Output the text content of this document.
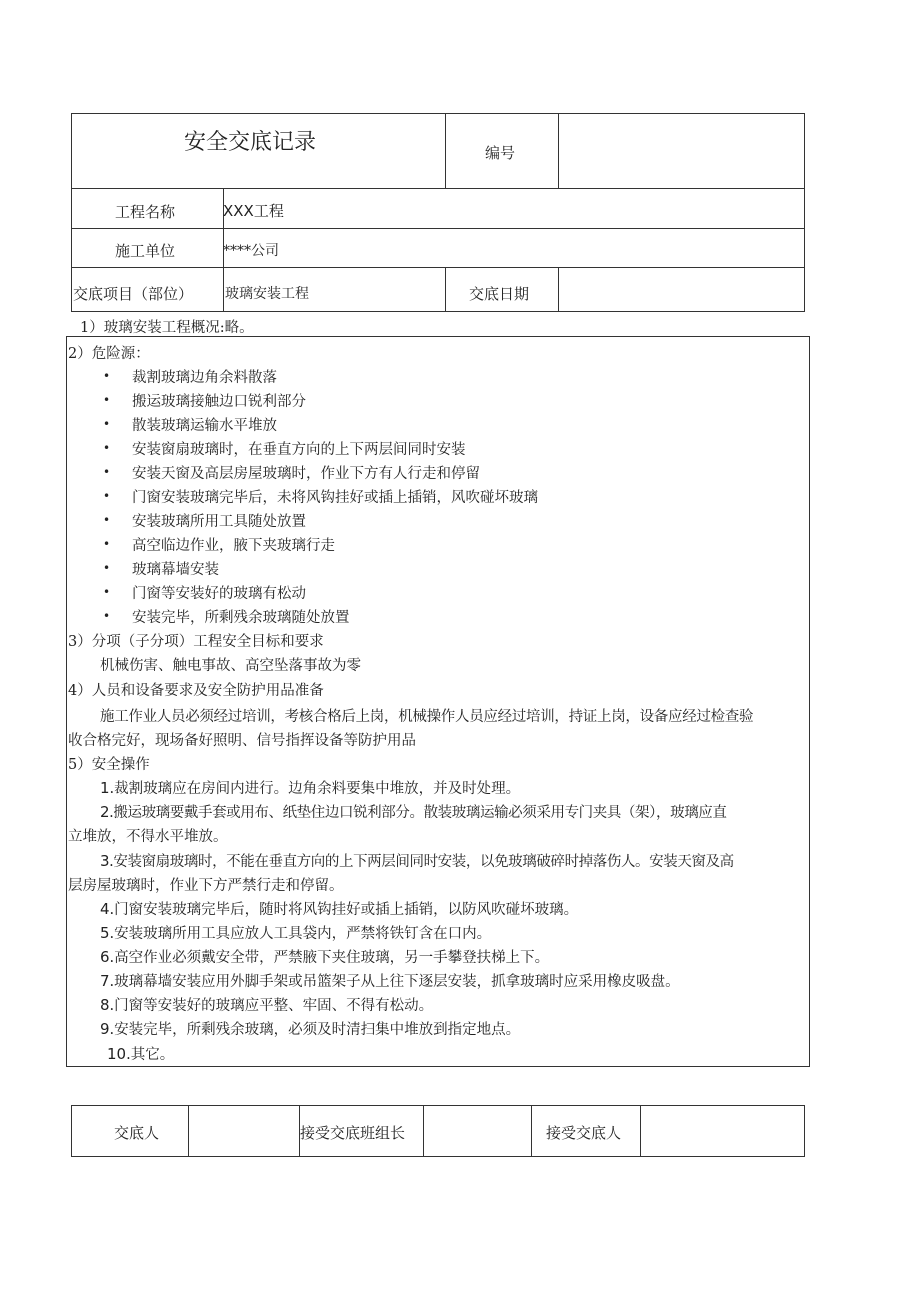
安全交底记录	编号
工程名称	XXX工程
施工单位	****公司
交底项目（部位） 玻璃安装工程	交底日期
1）玻璃安装工程概况:略。
2）危险源：
• 裁割玻璃边角余料散落
• 搬运玻璃接触边口锐利部分
• 散装玻璃运输水平堆放
• 安装窗扇玻璃时，在垂直方向的上下两层间同时安装
• 安装天窗及高层房屋玻璃时，作业下方有人行走和停留
• 门窗安装玻璃完毕后，未将风钩挂好或插上插销，风吹碰坏玻璃
• 安装玻璃所用工具随处放置
• 高空临边作业，腋下夹玻璃行走
• 玻璃幕墙安装
• 门窗等安装好的玻璃有松动
• 安装完毕，所剩残余玻璃随处放置
3）分项（子分项）工程安全目标和要求
机械伤害、触电事故、高空坠落事故为零
4）人员和设备要求及安全防护用品准备
施工作业人员必须经过培训，考核合格后上岗，机械操作人员应经过培训，持证上岗，设备应经过检查验
收合格完好，现场备好照明、信号指挥设备等防护用品
5）安全操作
1.裁割玻璃应在房间内进行。边角余料要集中堆放，并及时处理。
2.搬运玻璃要戴手套或用布、纸垫住边口锐利部分。散装玻璃运输必须采用专门夹具（架），玻璃应直
立堆放，不得水平堆放。
3.安装窗扇玻璃时，不能在垂直方向的上下两层间同时安装，以免玻璃破碎时掉落伤人。安装天窗及高
层房屋玻璃时，作业下方严禁行走和停留。
4.门窗安装玻璃完毕后，随时将风钩挂好或插上插销，以防风吹碰坏玻璃。
5.安装玻璃所用工具应放人工具袋内，严禁将铁钉含在口内。
6.高空作业必须戴安全带，严禁腋下夹住玻璃，另一手攀登扶梯上下。
7.玻璃幕墙安装应用外脚手架或吊篮架子从上往下逐层安装，抓拿玻璃时应采用橡皮吸盘。
8.门窗等安装好的玻璃应平整、牢固、不得有松动。
9.安装完毕，所剩残余玻璃，必须及时清扫集中堆放到指定地点。
10.其它。
交底人	接受交底班组长	接受交底人
